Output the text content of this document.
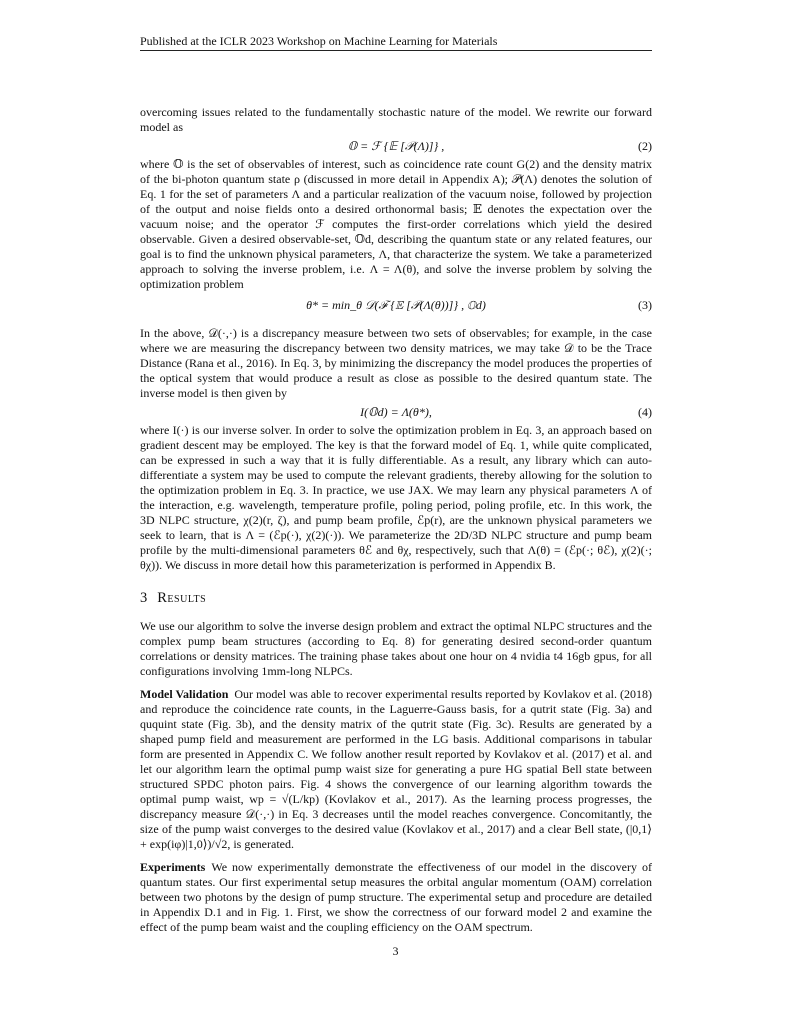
Published at the ICLR 2023 Workshop on Machine Learning for Materials

overcoming issues related to the fundamentally stochastic nature of the model. We rewrite our forward model as

𝕆 = ℱ {𝔼 [𝒫(Λ)]} ,	(2)

where 𝕆 is the set of observables of interest, such as coincidence rate count G(2) and the density matrix of the bi-photon quantum state ρ (discussed in more detail in Appendix A); 𝒫(Λ) denotes the solution of Eq. 1 for the set of parameters Λ and a particular realization of the vacuum noise, followed by projection of the output and noise fields onto a desired orthonormal basis; 𝔼 denotes the expectation over the vacuum noise; and the operator ℱ computes the first-order correlations which yield the desired observable. Given a desired observable-set, 𝕆d, describing the quantum state or any related features, our goal is to find the unknown physical parameters, Λ, that characterize the system. We take a parameterized approach to solving the inverse problem, i.e. Λ = Λ(θ), and solve the inverse problem by solving the optimization problem

θ* = min_θ 𝒟(ℱ {𝔼 [𝒫(Λ(θ))]} , 𝕆d)	(3)

In the above, 𝒟(·,·) is a discrepancy measure between two sets of observables; for example, in the case where we are measuring the discrepancy between two density matrices, we may take 𝒟 to be the Trace Distance (Rana et al., 2016). In Eq. 3, by minimizing the discrepancy the model produces the properties of the optical system that would produce a result as close as possible to the desired quantum state. The inverse model is then given by

I(𝕆d) = Λ(θ*),	(4)

where I(·) is our inverse solver. In order to solve the optimization problem in Eq. 3, an approach based on gradient descent may be employed. The key is that the forward model of Eq. 1, while quite complicated, can be expressed in such a way that it is fully differentiable. As a result, any library which can auto-differentiate a system may be used to compute the relevant gradients, thereby allowing for the solution to the optimization problem in Eq. 3. In practice, we use JAX. We may learn any physical parameters Λ of the interaction, e.g. wavelength, temperature profile, poling period, poling profile, etc. In this work, the 3D NLPC structure, χ(2)(r, ζ), and pump beam profile, ℰp(r), are the unknown physical parameters we seek to learn, that is Λ = (ℰp(·), χ(2)(·)). We parameterize the 2D/3D NLPC structure and pump beam profile by the multi-dimensional parameters θℰ and θχ, respectively, such that Λ(θ) = (ℰp(·; θℰ), χ(2)(·; θχ)). We discuss in more detail how this parameterization is performed in Appendix B.

3 Results

We use our algorithm to solve the inverse design problem and extract the optimal NLPC structures and the complex pump beam structures (according to Eq. 8) for generating desired second-order quantum correlations or density matrices. The training phase takes about one hour on 4 nvidia t4 16gb gpus, for all configurations involving 1mm-long NLPCs.

Model Validation Our model was able to recover experimental results reported by Kovlakov et al. (2018) and reproduce the coincidence rate counts, in the Laguerre-Gauss basis, for a qutrit state (Fig. 3a) and ququint state (Fig. 3b), and the density matrix of the qutrit state (Fig. 3c). Results are generated by a shaped pump field and measurement are performed in the LG basis. Additional comparisons in tabular form are presented in Appendix C. We follow another result reported by Kovlakov et al. (2017) et al. and let our algorithm learn the optimal pump waist size for generating a pure HG spatial Bell state between structured SPDC photon pairs. Fig. 4 shows the convergence of our learning algorithm towards the optimal pump waist, wp = √(L/kp) (Kovlakov et al., 2017). As the learning process progresses, the discrepancy measure 𝒟(·,·) in Eq. 3 decreases until the model reaches convergence. Concomitantly, the size of the pump waist converges to the desired value (Kovlakov et al., 2017) and a clear Bell state, (|0,1⟩ + exp(iφ)|1,0⟩)/√2, is generated.

Experiments We now experimentally demonstrate the effectiveness of our model in the discovery of quantum states. Our first experimental setup measures the orbital angular momentum (OAM) correlation between two photons by the design of pump structure. The experimental setup and procedure are detailed in Appendix D.1 and in Fig. 1. First, we show the correctness of our forward model 2 and examine the effect of the pump beam waist and the coupling efficiency on the OAM spectrum.

3
